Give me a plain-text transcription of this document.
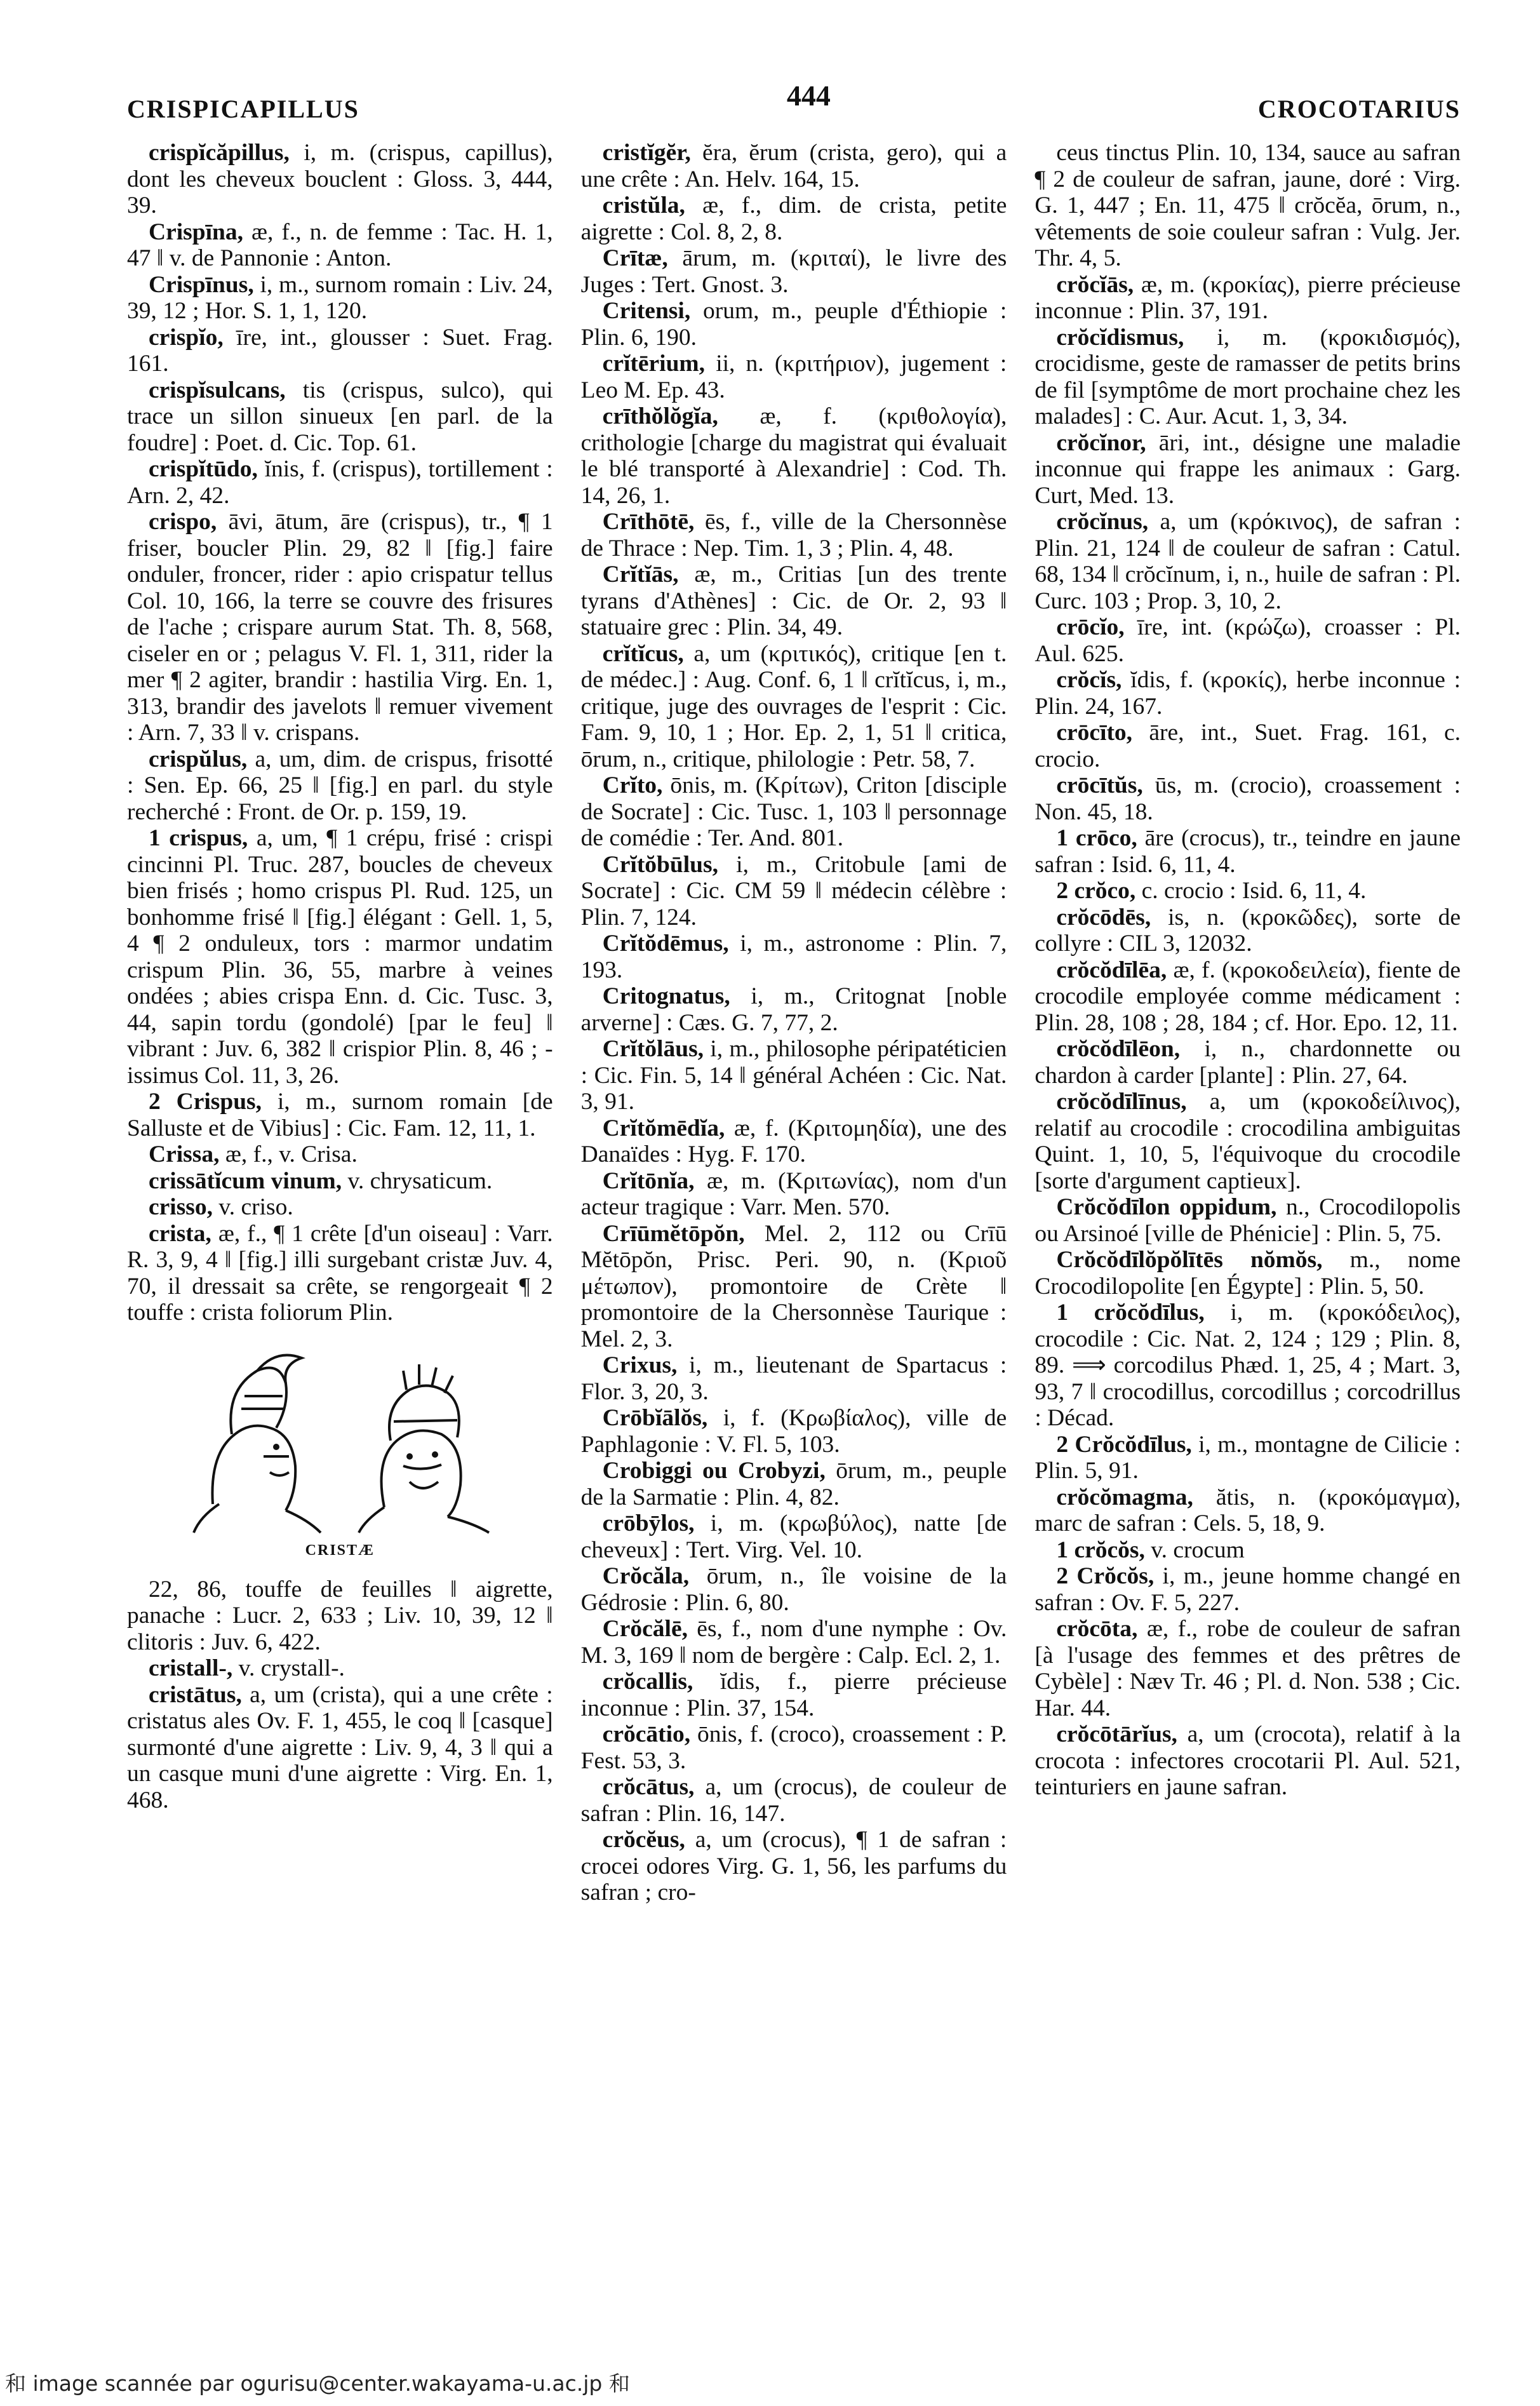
CRISPICAPILLUS	444	CROCOTARIUS

crispĭcăpillus, i, m. (crispus, capillus), dont les cheveux bouclent : Gloss. 3, 444, 39.

Crispīna, æ, f., n. de femme : Tac. H. 1, 47 ‖ v. de Pannonie : Anton.

Crispīnus, i, m., surnom romain : Liv. 24, 39, 12 ; Hor. S. 1, 1, 120.

crispĭo, īre, int., glousser : Suet. Frag. 161.

crispĭsulcans, tis (crispus, sulco), qui trace un sillon sinueux [en parl. de la foudre] : Poet. d. Cic. Top. 61.

crispĭtūdo, ĭnis, f. (crispus), tortillement : Arn. 2, 42.

crispo, āvi, ātum, āre (crispus), tr., ¶ 1 friser, boucler Plin. 29, 82 ‖ [fig.] faire onduler, froncer, rider : apio crispatur tellus Col. 10, 166, la terre se couvre des frisures de l'ache ; crispare aurum Stat. Th. 8, 568, ciseler en or ; pelagus V. Fl. 1, 311, rider la mer ¶ 2 agiter, brandir : hastilia Virg. En. 1, 313, brandir des javelots ‖ remuer vivement : Arn. 7, 33 ‖ v. crispans.

crispŭlus, a, um, dim. de crispus, frisotté : Sen. Ep. 66, 25 ‖ [fig.] en parl. du style recherché : Front. de Or. p. 159, 19.

1 crispus, a, um, ¶ 1 crépu, frisé : crispi cincinni Pl. Truc. 287, boucles de cheveux bien frisés ; homo crispus Pl. Rud. 125, un bonhomme frisé ‖ [fig.] élégant : Gell. 1, 5, 4 ¶ 2 onduleux, tors : marmor undatim crispum Plin. 36, 55, marbre à veines ondées ; abies crispa Enn. d. Cic. Tusc. 3, 44, sapin tordu (gondolé) [par le feu] ‖ vibrant : Juv. 6, 382 ‖ crispior Plin. 8, 46 ; -issimus Col. 11, 3, 26.

2 Crispus, i, m., surnom romain [de Salluste et de Vibius] : Cic. Fam. 12, 11, 1.

Crissa, æ, f., v. Crisa.

crissātĭcum vinum, v. chrysaticum.

crisso, v. criso.

crista, æ, f., ¶ 1 crête [d'un oiseau] : Varr. R. 3, 9, 4 ‖ [fig.] illi surgebant cristæ Juv. 4, 70, il dressait sa crête, se rengorgeait ¶ 2 touffe : crista foliorum Plin.

CRISTÆ

22, 86, touffe de feuilles ‖ aigrette, panache : Lucr. 2, 633 ; Liv. 10, 39, 12 ‖ clitoris : Juv. 6, 422.

cristall-, v. crystall-.

cristātus, a, um (crista), qui a une crête : cristatus ales Ov. F. 1, 455, le coq ‖ [casque] surmonté d'une aigrette : Liv. 9, 4, 3 ‖ qui a un casque muni d'une aigrette : Virg. En. 1, 468.

cristĭgĕr, ĕra, ĕrum (crista, gero), qui a une crête : An. Helv. 164, 15.

cristŭla, æ, f., dim. de crista, petite aigrette : Col. 8, 2, 8.

Crītæ, ārum, m. (κριταί), le livre des Juges : Tert. Gnost. 3.

Critensi, orum, m., peuple d'Éthiopie : Plin. 6, 190.

crĭtērium, ii, n. (κριτήριον), jugement : Leo M. Ep. 43.

crīthŏlŏgĭa, æ, f. (κριθολογία), crithologie [charge du magistrat qui évaluait le blé transporté à Alexandrie] : Cod. Th. 14, 26, 1.

Crīthōtē, ēs, f., ville de la Chersonnèse de Thrace : Nep. Tim. 1, 3 ; Plin. 4, 48.

Crĭtĭās, æ, m., Critias [un des trente tyrans d'Athènes] : Cic. de Or. 2, 93 ‖ statuaire grec : Plin. 34, 49.

crĭtĭcus, a, um (κριτικός), critique [en t. de médec.] : Aug. Conf. 6, 1 ‖ crĭtĭcus, i, m., critique, juge des ouvrages de l'esprit : Cic. Fam. 9, 10, 1 ; Hor. Ep. 2, 1, 51 ‖ critica, ōrum, n., critique, philologie : Petr. 58, 7.

Crĭto, ōnis, m. (Κρίτων), Criton [disciple de Socrate] : Cic. Tusc. 1, 103 ‖ personnage de comédie : Ter. And. 801.

Crĭtŏbūlus, i, m., Critobule [ami de Socrate] : Cic. CM 59 ‖ médecin célèbre : Plin. 7, 124.

Crĭtŏdēmus, i, m., astronome : Plin. 7, 193.

Critognatus, i, m., Critognat [noble arverne] : Cæs. G. 7, 77, 2.

Crĭtŏlāus, i, m., philosophe péripatéticien : Cic. Fin. 5, 14 ‖ général Achéen : Cic. Nat. 3, 91.

Crĭtŏmēdĭa, æ, f. (Κριτομηδία), une des Danaïdes : Hyg. F. 170.

Crĭtōnĭa, æ, m. (Κριτωνίας), nom d'un acteur tragique : Varr. Men. 570.

Crīūmĕtōpŏn, Mel. 2, 112 ou Crīū Mĕtōpŏn, Prisc. Peri. 90, n. (Κριοῦ μέτωπον), promontoire de Crète ‖ promontoire de la Chersonnèse Taurique : Mel. 2, 3.

Crixus, i, m., lieutenant de Spartacus : Flor. 3, 20, 3.

Crōbĭālŏs, i, f. (Κρωβίαλος), ville de Paphlagonie : V. Fl. 5, 103.

Crobiggi ou Crobyzi, ōrum, m., peuple de la Sarmatie : Plin. 4, 82.

crōbȳlos, i, m. (κρωβύλος), natte [de cheveux] : Tert. Virg. Vel. 10.

Crŏcăla, ōrum, n., île voisine de la Gédrosie : Plin. 6, 80.

Crŏcălē, ēs, f., nom d'une nymphe : Ov. M. 3, 169 ‖ nom de bergère : Calp. Ecl. 2, 1.

crŏcallis, ĭdis, f., pierre précieuse inconnue : Plin. 37, 154.

crŏcātio, ōnis, f. (croco), croassement : P. Fest. 53, 3.

crŏcātus, a, um (crocus), de couleur de safran : Plin. 16, 147.

crŏcĕus, a, um (crocus), ¶ 1 de safran : crocei odores Virg. G. 1, 56, les parfums du safran ; cro-

ceus tinctus Plin. 10, 134, sauce au safran ¶ 2 de couleur de safran, jaune, doré : Virg. G. 1, 447 ; En. 11, 475 ‖ crŏcĕa, ōrum, n., vêtements de soie couleur safran : Vulg. Jer. Thr. 4, 5.

crŏcĭās, æ, m. (κροκίας), pierre précieuse inconnue : Plin. 37, 191.

crŏcĭdismus, i, m. (κροκιδισμός), crocidisme, geste de ramasser de petits brins de fil [symptôme de mort prochaine chez les malades] : C. Aur. Acut. 1, 3, 34.

crŏcĭnor, āri, int., désigne une maladie inconnue qui frappe les animaux : Garg. Curt, Med. 13.

crŏcĭnus, a, um (κρόκινος), de safran : Plin. 21, 124 ‖ de couleur de safran : Catul. 68, 134 ‖ crŏcĭnum, i, n., huile de safran : Pl. Curc. 103 ; Prop. 3, 10, 2.

crōcĭo, īre, int. (κρώζω), croasser : Pl. Aul. 625.

crŏcĭs, ĭdis, f. (κροκίς), herbe inconnue : Plin. 24, 167.

crōcīto, āre, int., Suet. Frag. 161, c. crocio.

crōcītŭs, ūs, m. (crocio), croassement : Non. 45, 18.

1 crōco, āre (crocus), tr., teindre en jaune safran : Isid. 6, 11, 4.

2 crŏco, c. crocio : Isid. 6, 11, 4.

crŏcōdēs, is, n. (κροκῶδες), sorte de collyre : CIL 3, 12032.

crŏcŏdīlēa, æ, f. (κροκοδειλεία), fiente de crocodile employée comme médicament : Plin. 28, 108 ; 28, 184 ; cf. Hor. Epo. 12, 11.

crŏcŏdīlēon, i, n., chardonnette ou chardon à carder [plante] : Plin. 27, 64.

crŏcŏdīlīnus, a, um (κροκοδείλινος), relatif au crocodile : crocodilina ambiguitas Quint. 1, 10, 5, l'équivoque du crocodile [sorte d'argument captieux].

Crŏcŏdīlon oppidum, n., Crocodilopolis ou Arsinoé [ville de Phénicie] : Plin. 5, 75.

Crŏcŏdīlŏpŏlītēs nŏmŏs, m., nome Crocodilopolite [en Égypte] : Plin. 5, 50.

1 crŏcŏdīlus, i, m. (κροκόδειλος), crocodile : Cic. Nat. 2, 124 ; 129 ; Plin. 8, 89. ⟹ corcodilus Phæd. 1, 25, 4 ; Mart. 3, 93, 7 ‖ crocodillus, corcodillus ; corcodrillus : Décad.

2 Crŏcŏdīlus, i, m., montagne de Cilicie : Plin. 5, 91.

crŏcŏmagma, ătis, n. (κροκόμαγμα), marc de safran : Cels. 5, 18, 9.

1 crŏcŏs, v. crocum

2 Crŏcŏs, i, m., jeune homme changé en safran : Ov. F. 5, 227.

crŏcōta, æ, f., robe de couleur de safran [à l'usage des femmes et des prêtres de Cybèle] : Næv Tr. 46 ; Pl. d. Non. 538 ; Cic. Har. 44.

crŏcōtārĭus, a, um (crocota), relatif à la crocota : infectores crocotarii Pl. Aul. 521, teinturiers en jaune safran.

和 image scannée par ogurisu@center.wakayama-u.ac.jp 和
